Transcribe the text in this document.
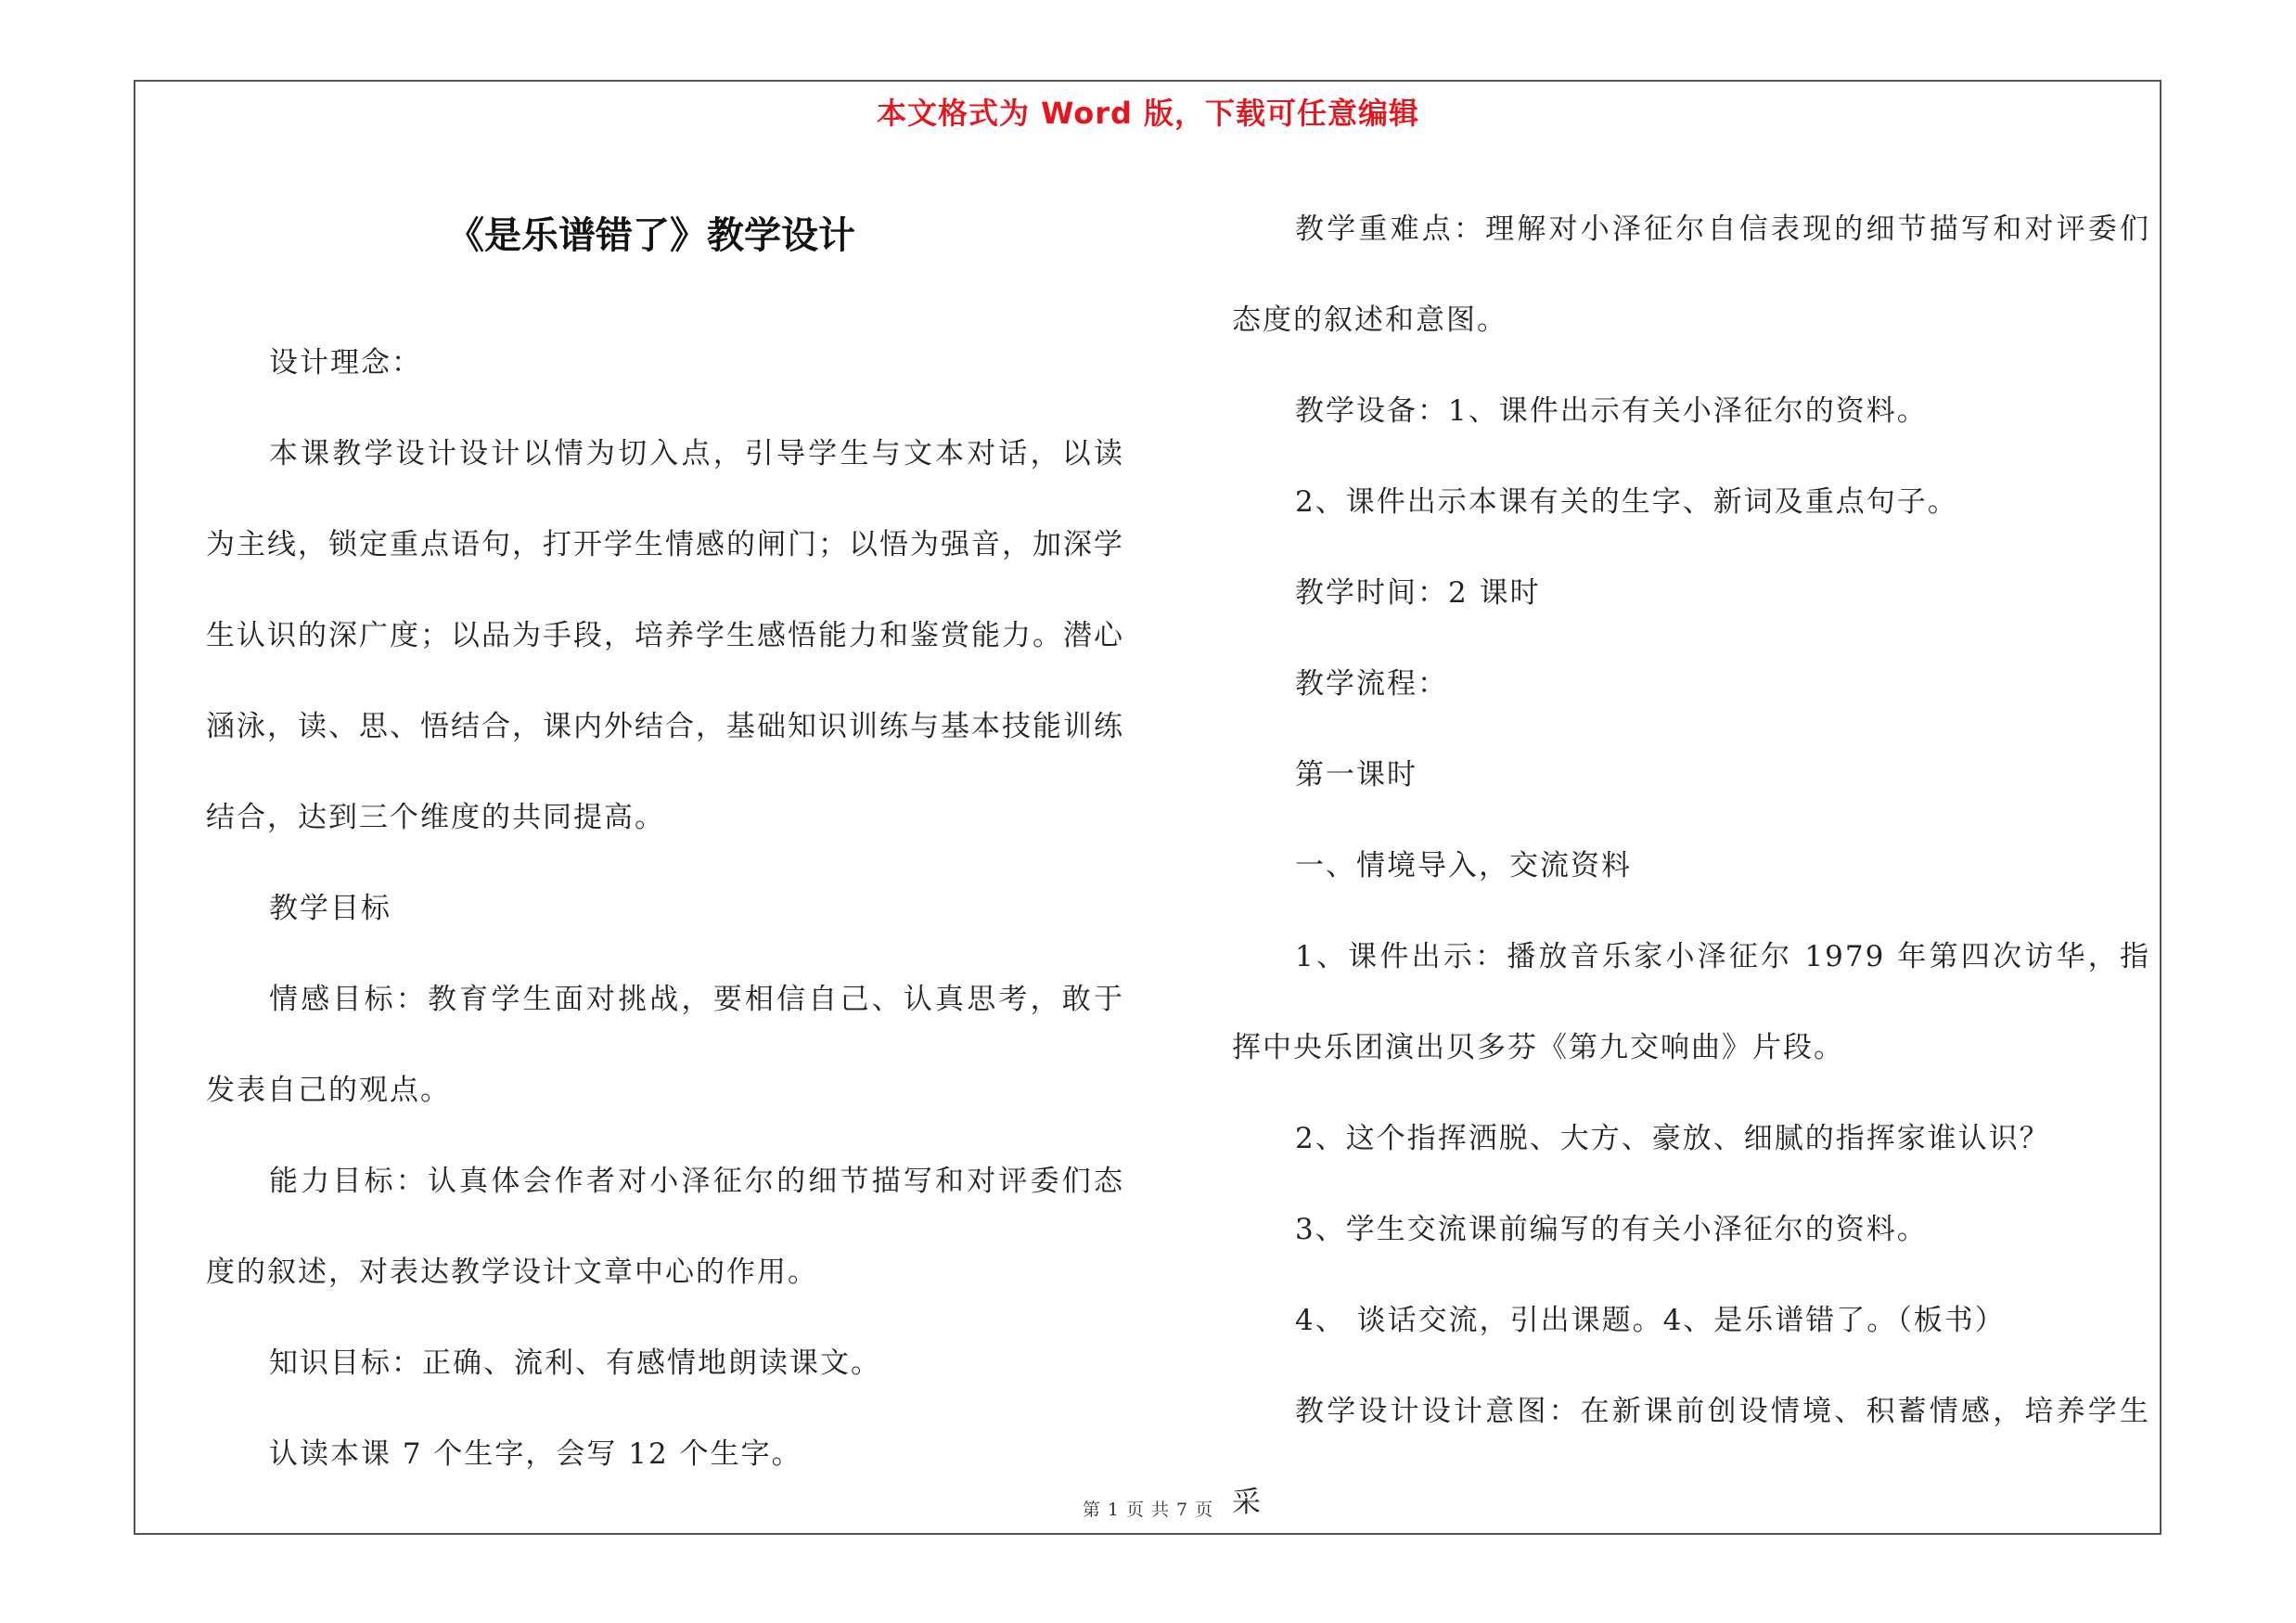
本文格式为 Word 版，下载可任意编辑
《是乐谱错了》教学设计

设计理念：

本课教学设计设计以情为切入点，引导学生与文本对话，以读为主线，锁定重点语句，打开学生情感的闸门；以悟为强音，加深学生认识的深广度；以品为手段，培养学生感悟能力和鉴赏能力。潜心涵泳，读、思、悟结合，课内外结合，基础知识训练与基本技能训练结合，达到三个维度的共同提高。

教学目标

情感目标：教育学生面对挑战，要相信自己、认真思考，敢于发表自己的观点。

能力目标：认真体会作者对小泽征尔的细节描写和对评委们态度的叙述，对表达教学设计文章中心的作用。

知识目标：正确、流利、有感情地朗读课文。

认读本课 7 个生字，会写 12 个生字。

教学重难点：理解对小泽征尔自信表现的细节描写和对评委们态度的叙述和意图。

教学设备：1、课件出示有关小泽征尔的资料。

2、课件出示本课有关的生字、新词及重点句子。

教学时间：2 课时

教学流程：

第一课时

一、情境导入，交流资料

1、课件出示：播放音乐家小泽征尔 1979 年第四次访华，指挥中央乐团演出贝多芬《第九交响曲》片段。

2、这个指挥洒脱、大方、豪放、细腻的指挥家谁认识？

3、学生交流课前编写的有关小泽征尔的资料。

4、 谈话交流，引出课题。4、是乐谱错了。（板书）

教学设计设计意图：在新课前创设情境、积蓄情感，培养学生采

第 1 页 共 7 页
